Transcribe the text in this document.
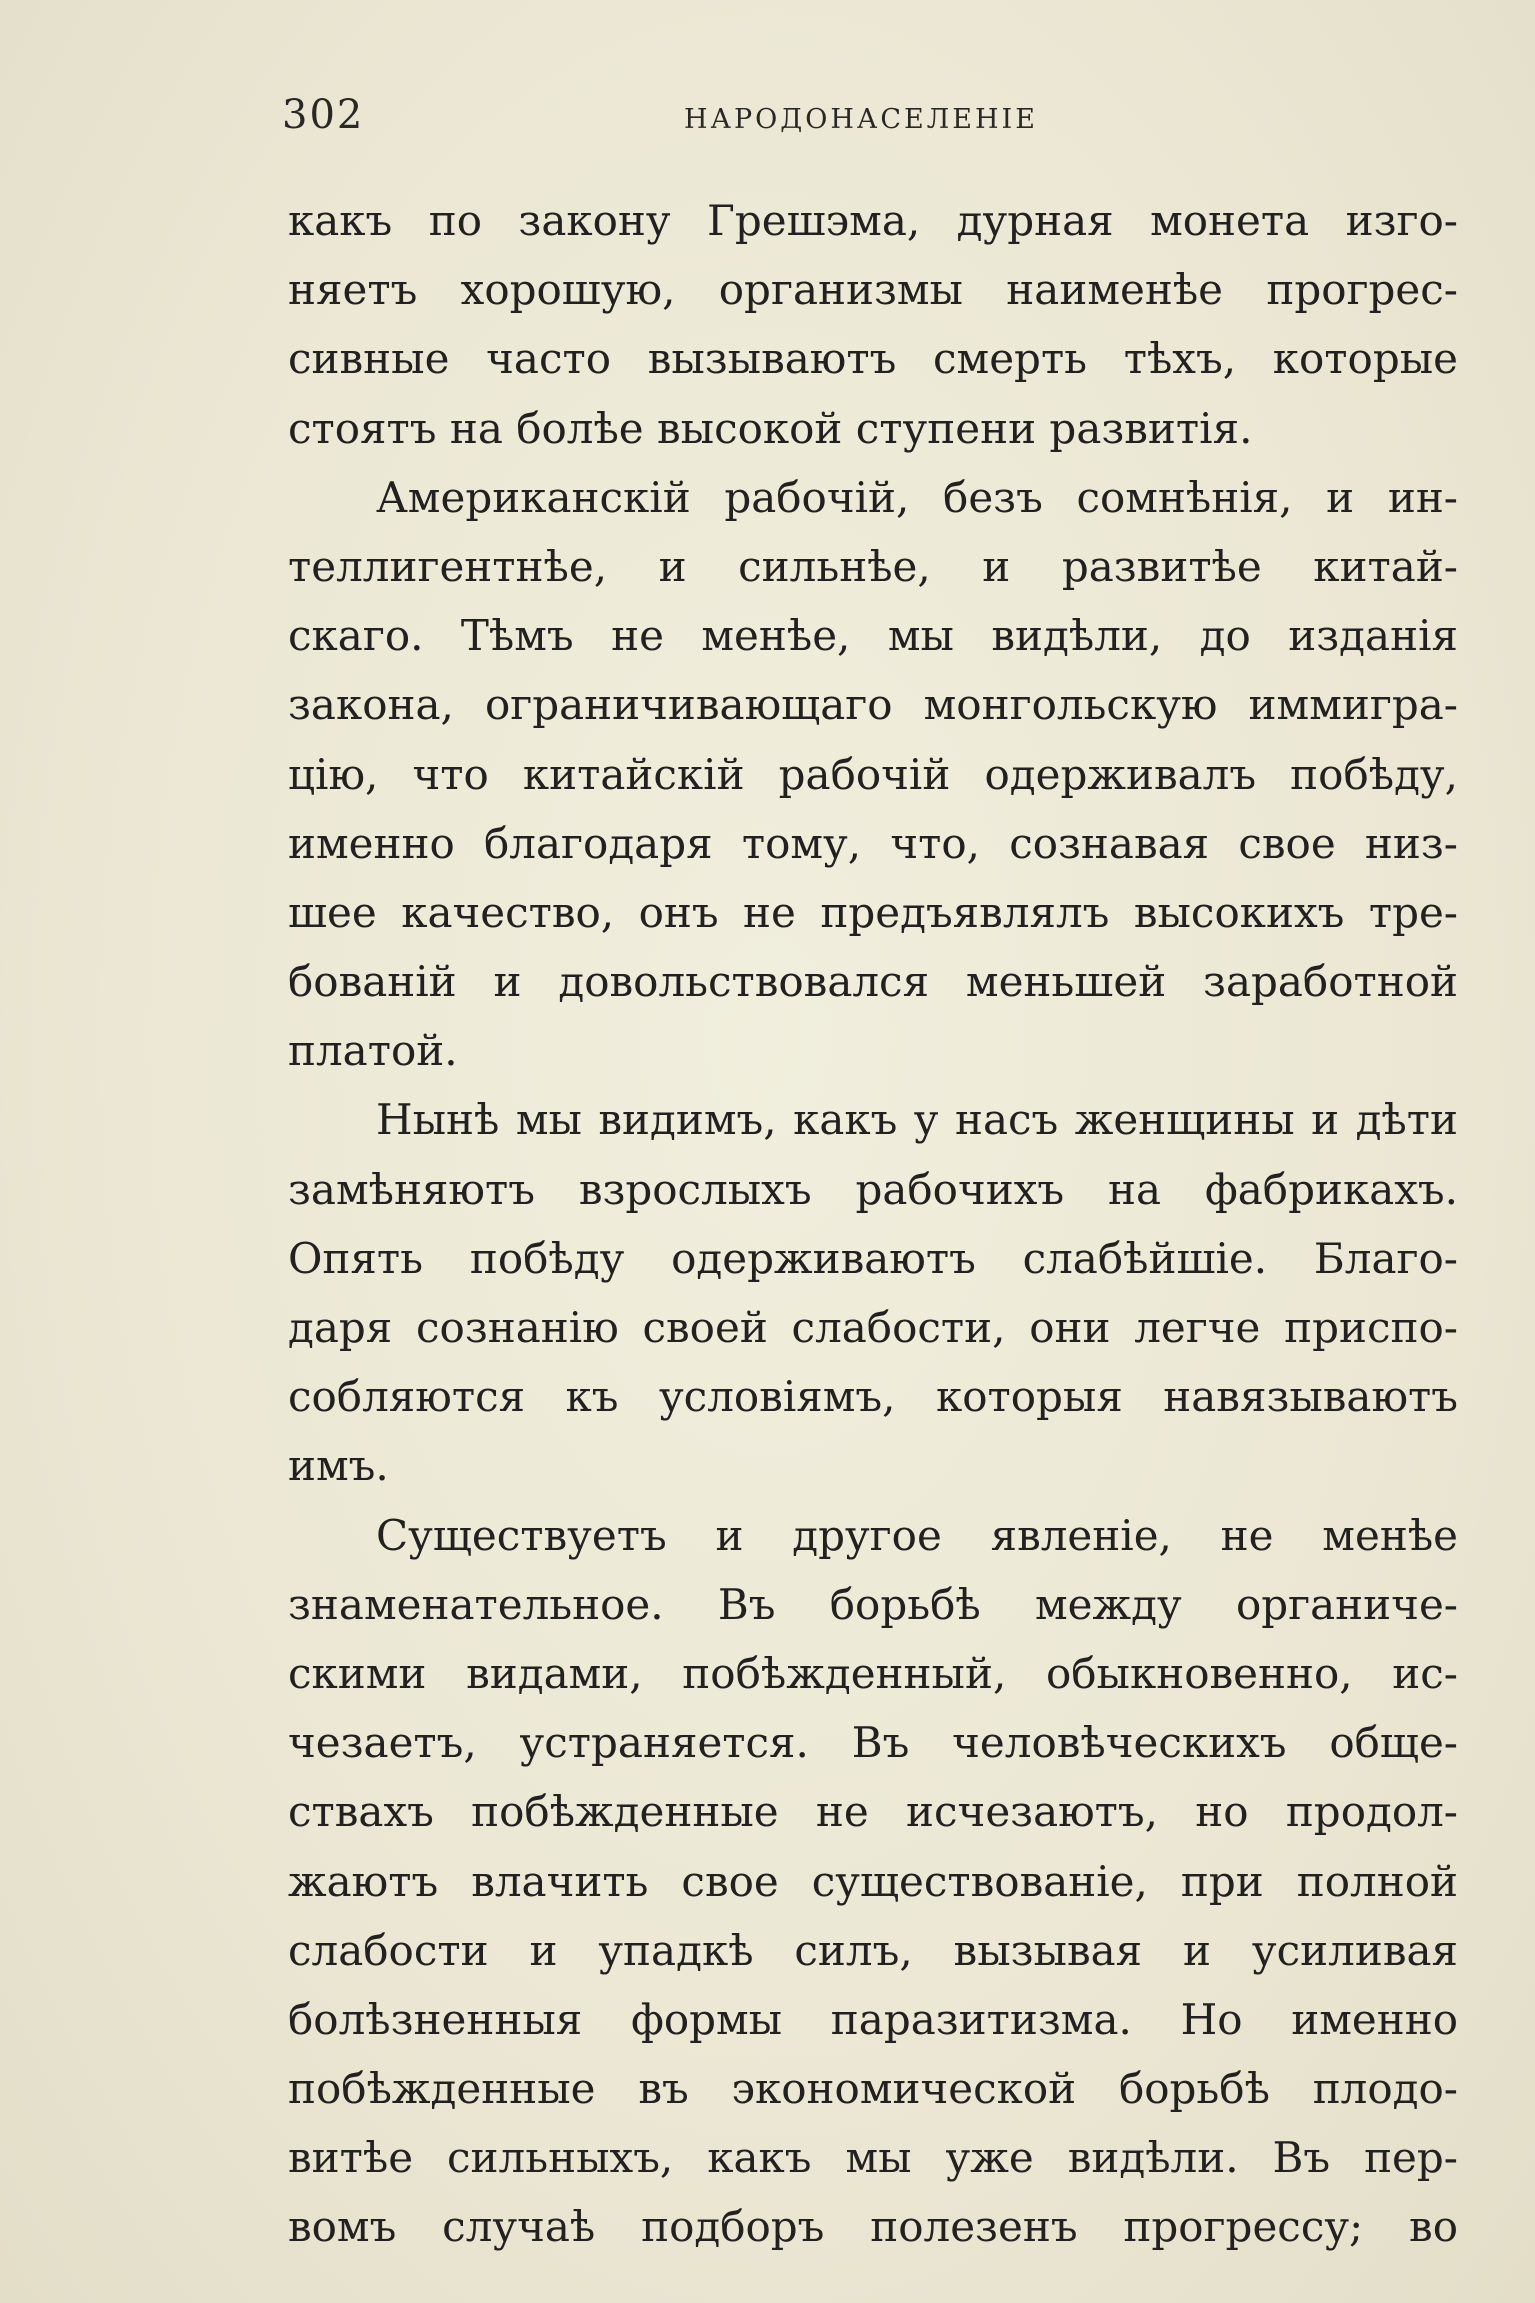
302	НАРОДОНАСЕЛЕНІЕ
какъ по закону Грешэма, дурная монета изго-
няетъ хорошую, организмы наименѣе прогрес-
сивные часто вызываютъ смерть тѣхъ, которые
стоятъ на болѣе высокой ступени развитія.
Американскій рабочій, безъ сомнѣнія, и ин-
теллигентнѣе, и сильнѣе, и развитѣе китай-
скаго. Тѣмъ не менѣе, мы видѣли, до изданія
закона, ограничивающаго монгольскую иммигра-
цію, что китайскій рабочій одерживалъ побѣду,
именно благодаря тому, что, сознавая свое низ-
шее качество, онъ не предъявлялъ высокихъ тре-
бованій и довольствовался меньшей заработной
платой.
Нынѣ мы видимъ, какъ у насъ женщины и дѣти
замѣняютъ взрослыхъ рабочихъ на фабрикахъ.
Опять побѣду одерживаютъ слабѣйшіе. Благо-
даря сознанію своей слабости, они легче приспо-
собляются къ условіямъ, которыя навязываютъ
имъ.
Существуетъ и другое явленіе, не менѣе
знаменательное. Въ борьбѣ между органиче-
скими видами, побѣжденный, обыкновенно, ис-
чезаетъ, устраняется. Въ человѣческихъ обще-
ствахъ побѣжденные не исчезаютъ, но продол-
жаютъ влачить свое существованіе, при полной
слабости и упадкѣ силъ, вызывая и усиливая
болѣзненныя формы паразитизма. Но именно
побѣжденные въ экономической борьбѣ плодо-
витѣе сильныхъ, какъ мы уже видѣли. Въ пер-
вомъ случаѣ подборъ полезенъ прогрессу; во
